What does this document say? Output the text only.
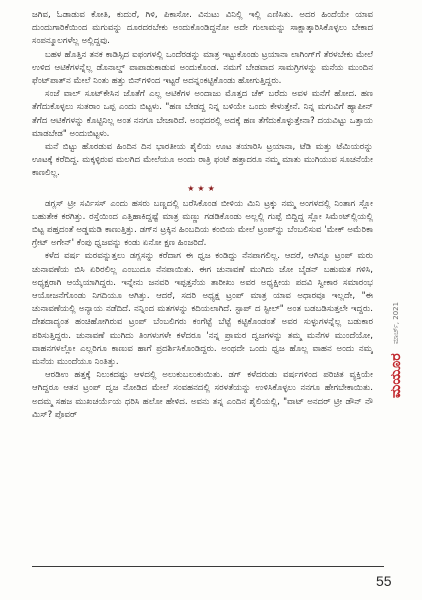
ಜಗಿವ, ಓಡಾಡುವ ಕೋತಿ, ಕುದುರೆ, ಗಿಳಿ, ಪಿಕಾಸೋ. ವಿನುಟು ವಿನಿಲ್ಲಿ ಇಲ್ಲಿ ಎಣಿಸಿತು. ಅದರ ಹಿಂದೆಯೇ ಯಾವ ದುಂದುಗಾರಿಕೆಯಿಂದ ಮಗುವನ್ನು ದೂರದರಬೇಕು ಅಂದುಕೊಂಡಿದ್ದನೋ ಅದೇ ಗುಲಾಮನ್ನು ಸಾಕ್ಷಾತ್ಕಾರಿಸಿಕೊಳ್ಳಲು ಬೇಕಾದ ಸಂಪನ್ಮೂಲಗಳೆಲ್ಲ ಅಲ್ಲಿದ್ದವು.

ಬಹಳ ಹೊತ್ತಿನ ತನಕ ಕಾಡಿಸ್ಸಿದ ಐಫಂಗಳಲ್ಲಿ ಒಂದೆರಡನ್ನು ಮಾತ್ರ ಇಟ್ಟುಕೊಂಡು ಟ್ರಯಾನಾ ಲಾಗಿಂಗ್‌ಗೆ ತೆರಳಬೇಕು ಮೇಲೆ ಉಳಿದ ಆಟಿಕೆಗಳನ್ನೆಲ್ಲ ಡೊನಾಲ್ಡ್ ವಾಪಾಡುಕಾಡುವ ಅಂದುಕೊಂಡ. ನಮಗೆ ಬೇಡವಾದ ಸಾಮಗ್ರಿಗಳನ್ನು ಮನೆಯ ಮುಂದಿನ ಫೆಂಟ್‌ಪಾತ್‌ನ ಮೇಲೆ ನಿಂತು ಹತ್ತು ಬಿನ್‌ಗಳಿಂದ ಇಟ್ಟರೆ ಅದನ್ನಂಕಟ್ಟಿಕೊಂಡು ಹೋಗುತ್ತಿದ್ದರು.

ಸಂಜೆ ವಾಲ್ ಸೂಟ್‌ಕೇಸಿನ ಜೊತೆಗೆ ಎಲ್ಲ ಆಟಿಕೆಗಳ ಅಂದಾಜು ಮೊತ್ತದ ಚೆಕ್ ಬರೆದು ಅವಳ ಮನೆಗೆ ಹೋದ. ಹಣ ತೆಗೆದುಕೊಳ್ಳಲು ಸುತರಾಂ ಒಪ್ಪ ಎಂದು ಬಿಟ್ಟಳು. "ಹಣ ಬೇಡದ್ದ ನಿನ್ನ ಬಳಿಯೇ ಒಂದು ಕೇಳುತ್ತೇನೆ. ನಿನ್ನ ಮಗುವಿಗೆ ಹ್ಯಾಪೀನ್ ತೆಗೆದ ಆಟಿಕೆಗಳನ್ನು ಕೊಟ್ಟಿನಿಲ್ಲ ಅಂತ ನನಗೂ ಬೇಜಾರಿದೆ. ಅಂಥದರಲ್ಲಿ ಅದಕ್ಕೆ ಹಣ ತೆಗೆದುಕೊಳ್ಳುತ್ತೇನಾ? ದಯವಿಟ್ಟು ಒತ್ತಾಯ ಮಾಡಬೇಡ" ಅಂದುಬಿಟ್ಟಳು.

ಮನೆ ಬಿಟ್ಟು ಹೊರಡುವ ಹಿಂದಿನ ದಿನ ಭಾರತೀಯ ಶೈಲಿಯ ಊಟ ತಯಾರಿಸಿ ಟ್ರಯಾನಾ, ಟೆಡಿ ಮತ್ತು ಟೆಮಿಯರನ್ನು ಊಟಕ್ಕೆ ಕರೆದಿದ್ದ. ಮಕ್ಕಳ್ಳಿರುವ ಮಲಗಿದ ಮೇಲೆಯೂ ಅಂದು ರಾತ್ರಿ ಫಂಟೆ ಹತ್ತಾದರೂ ನಮ್ಮ ಮಾತು ಮುಗಿಯುವ ಸೂಚನೆಯೇ ಕಾಣಲಿಲ್ಲ.

★★★

ಡಗ್ಲಸ್ ಟ್ರೀ ಸರ್ವಿಸಸ್ ಎಂದು ಹಸರು ಬಣ್ಣದಲ್ಲಿ ಬರೆಸಿಕೊಂಡ ಬೀಳಿಯ ಮಿನಿ ಟ್ರಕ್ಕು ನಮ್ಮ ಅಂಗಳದಲ್ಲಿ ನಿಂತಾಗ ಸ್ಲೋ ಬಹುತೇಕ ಕರಗಿತ್ತು. ರಸ್ತೆಯಿಂದ ಎತ್ತಿಹಾಕಿದ್ದಷ್ಟೆ ಮಾತ್ರ ಮಣ್ಣು ಗಡಡಿಕೊಂಡು ಅಲ್ಲಲ್ಲಿ ಗುಪ್ಪೆ ಬಿದ್ದಿದ್ದ ಸ್ಲೋ ಸಿಮೆಂಟ್‌ಲ್ಲಿಯಲ್ಲಿ ಬಿಟ್ಟ ಪಹ್ತದಂತೆ ಅಡ್ಡಮಡಿ ಕಾಣುತ್ತಿತ್ತು. ಡಗ್‌ನ ಟ್ರಕ್ಕಿನ ಹಿಂಬದಿಯ ಕಂಬಿಯ ಮೇಲೆ ಟ್ರಂಪ್‌ನ್ನು ಬೆಂಬಲಿಸುವ 'ಮೇಕ್ ಅಮೆರಿಕಾ ಗ್ರೇಟ್ ಅಗೇನ್' ಕೆಂಪು ಧ್ವಜವನ್ನು ಕಂಡು ಏನೋ ಕ್ಷಣ ಹಿಂಜರಿದೆ.

ಕಳೆದ ವರ್ಷ ಮರವನ್ನುತ್ತಲು ಡಗ್ಲಸನ್ನು ಕರೆದಾಗ ಈ ಧ್ವಜ ಕಂಡಿದ್ದು ನೆನಪಾಗಲಿಲ್ಲ. ಆದರೆ, ಆಗಿನ್ನೂ ಟ್ರಂಪ್ ಮರು ಚುನಾವಣೆಯ ಬಿಸಿ ಏರಿರಲಿಲ್ಲ ಎಂಬುದೂ ನೆನಪಾಯಿತು. ಈಗ ಚುನಾವಣೆ ಮುಗಿದು ಜೋ ಬೈಡನ್ ಬಹುಮತ ಗಳಿಸಿ, ಅಧ್ಯಕ್ಷರಾಗಿ ಆಯ್ಕೆಯಾಗಿದ್ದರು. ಇನ್ನೇನು ಜನವರಿ ಇಪ್ಪತ್ತನೆಯ ತಾರೀಖು ಅವರ ಅಧ್ಯಕ್ಷೀಯ ಪದವಿ ಸ್ವೀಕಾರ ಸಮಾರಂಭ ಆಯೋಜನೆಗೊಂಡು ನಿಗದಿಯೂ ಆಗಿತ್ತು. ಆದರೆ, ಸದರಿ ಅಧ್ಯಕ್ಷ ಟ್ರಂಪ್ ಮಾತ್ರ ಯಾವ ಅಧಾರವೂ ಇಲ್ಲದೇ, "ಈ ಚುನಾವಣೆಯಲ್ಲಿ ಅನ್ಯಾಯ ನಡೆದಿದೆ. ನನ್ನಿಂದ ಮತಗಳನ್ನು ಕದಿಯಲಾಗಿದೆ. ಸ್ಟಾಪ್ ದ ಸ್ಟೀಲ್" ಅಂತ ಬಡಬಡಿಸುತ್ತಲೇ ಇದ್ದರು. ದೇಶದಾದ್ಯಂತ ಹಂಚಿಹೋಗಿರುವ ಟ್ರಂಪ್ ಬೆಂಬಲಿಗರು ಕಂಗೆಟ್ಟೆ ಬೆಟ್ಟೆ ಕಟ್ಟಿಕೊಂಡಂತೆ ಅವರ ಸುಳ್ಳುಗಳನ್ನೆಲ್ಲ ಬಡುಕಾರ ಪಠಿಸುತ್ತಿದ್ದರು. ಚುನಾವಣೆ ಮುಗಿದು ತಿಂಗಳುಗಳೇ ಕಳೆದರೂ 'ನನ್ನ ಪ್ರಾಮರ ದ್ವಜಗಳನ್ನು ತಮ್ಮ ಮನೆಗಳ ಮುಂದೆಯೋ, ವಾಹನಗಳಲ್ಲೋ ಎಲ್ಲರಿಗೂ ಕಾಣುವ ಹಾಗೆ ಪ್ರದರ್ಶಿಸಿಕೊಂಡಿದ್ದರು. ಅಂಥದೇ ಒಂದು ಧ್ವಜ ಹೊಲ್ಲ ವಾಹನ ಅಂದು ನಮ್ಮ ಮನೆಯ ಮುಂದೆಯೂ ನಿಂತಿತ್ತು.

ಆರಡಿಉ ಹತ್ತಕ್ಕೆ ನಿಲುಕದಷ್ಟು ಆಳದಲ್ಲಿ ಅಲುಕುಬಲುಕುಯಿತು. ಡಗ್‌ ಕಳೆದರುಡು ವರ್ಷಗಳಿಂದ ಪರಿಚಿತ ವ್ಯಕ್ತಿಯೇ ಆಗಿದ್ದರೂ ಆತನ ಟ್ರಂಪ್ ದ್ವಜ ನೋಡಿದ ಮೇಲೆ ಸಂವಹನದಲ್ಲಿ ಸರಳತೆಯನ್ನು ಉಳಿಸಿಕೊಳ್ಳಲು ನನಗೂ ಹೇಗಬೇಕಾಯಿತು. ಅದಮ್ಮ ಸಹಜ ಮುಖಚರ್ಯೆಯ ಧರಿಸಿ ಹಲೋ ಹೇಳಿದ. ಅವನು ತನ್ನ ಎಂದಿನ ಶೈಲಿಯಲ್ಲಿ, "ವಾಟ್ ಅನದರ್ ಟ್ರೀ ಡೌನ್ ನೌ ಮಿಸ್? ಪೊವರ್

ಮಾರ್ಚ್, 2021
ಮಯೂರ
55
